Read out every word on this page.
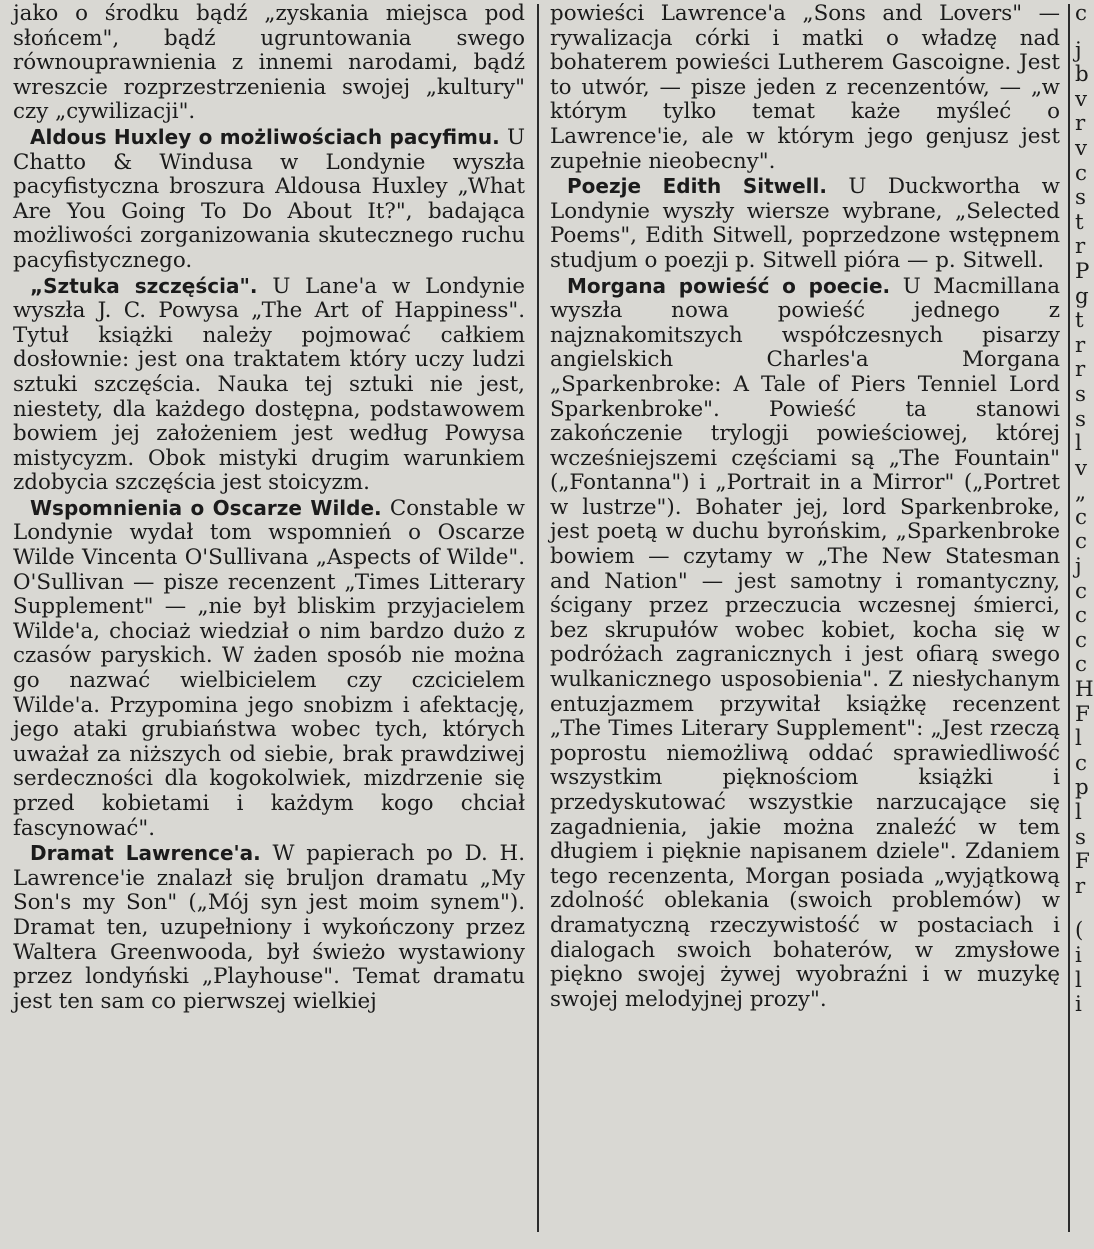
jako o środku bądź „zyskania miejsca pod słońcem", bądź ugruntowania swego równouprawnienia z innemi narodami, bądź wreszcie rozprzestrzenienia swojej „kultury" czy „cywilizacji".

Aldous Huxley o możliwościach pacyfimu. U Chatto & Windusa w Londynie wyszła pacyfistyczna broszura Aldousa Huxley „What Are You Going To Do About It?", badająca możliwości zorganizowania skutecznego ruchu pacyfistycznego.

„Sztuka szczęścia". U Lane'a w Londynie wyszła J. C. Powysa „The Art of Happiness". Tytuł książki należy pojmować całkiem dosłownie: jest ona traktatem który uczy ludzi sztuki szczęścia. Nauka tej sztuki nie jest, niestety, dla każdego dostępna, podstawowem bowiem jej założeniem jest według Powysa mistycyzm. Obok mistyki drugim warunkiem zdobycia szczęścia jest stoicyzm.

Wspomnienia o Oscarze Wilde. Constable w Londynie wydał tom wspomnień o Oscarze Wilde Vincenta O'Sullivana „Aspects of Wilde". O'Sullivan — pisze recenzent „Times Litterary Supplement" — „nie był bliskim przyjacielem Wilde'a, chociaż wiedział o nim bardzo dużo z czasów paryskich. W żaden sposób nie można go nazwać wielbicielem czy czcicielem Wilde'a. Przypomina jego snobizm i afektację, jego ataki grubiaństwa wobec tych, których uważał za niższych od siebie, brak prawdziwej serdeczności dla kogokolwiek, mizdrzenie się przed kobietami i każdym kogo chciał fascynować".

Dramat Lawrence'a. W papierach po D. H. Lawrence'ie znalazł się bruljon dramatu „My Son's my Son" („Mój syn jest moim synem"). Dramat ten, uzupełniony i wykończony przez Waltera Greenwooda, był świeżo wystawiony przez londyński „Playhouse". Temat dramatu jest ten sam co pierwszej wielkiej

powieści Lawrence'a „Sons and Lovers" — rywalizacja córki i matki o władzę nad bohaterem powieści Lutherem Gascoigne. Jest to utwór, — pisze jeden z recenzentów, — „w którym tylko temat każe myśleć o Lawrence'ie, ale w którym jego genjusz jest zupełnie nieobecny".

Poezje Edith Sitwell. U Duckwortha w Londynie wyszły wiersze wybrane, „Selected Poems", Edith Sitwell, poprzedzone wstępnem studjum o poezji p. Sitwell pióra — p. Sitwell.

Morgana powieść o poecie. U Macmillana wyszła nowa powieść jednego z najznakomitszych współczesnych pisarzy angielskich Charles'a Morgana „Sparkenbroke: A Tale of Piers Tenniel Lord Sparkenbroke". Powieść ta stanowi zakończenie trylogji powieściowej, której wcześniejszemi częściami są „The Fountain" („Fontanna") i „Portrait in a Mirror" („Portret w lustrze"). Bohater jej, lord Sparkenbroke, jest poetą w duchu byrońskim, „Sparkenbroke bowiem — czytamy w „The New Statesman and Nation" — jest samotny i romantyczny, ścigany przez przeczucia wczesnej śmierci, bez skrupułów wobec kobiet, kocha się w podróżach zagranicznych i jest ofiarą swego wulkanicznego usposobienia". Z niesłychanym entuzjazmem przywitał książkę recenzent „The Times Literary Supplement": „Jest rzeczą poprostu niemożliwą oddać sprawiedliwość wszystkim pięknościom książki i przedyskutować wszystkie narzucające się zagadnienia, jakie można znaleźć w tem długiem i pięknie napisanem dziele". Zdaniem tego recenzenta, Morgan posiada „wyjątkową zdolność oblekania (swoich problemów) w dramatyczną rzeczywistość w postaciach i dialogach swoich bohaterów, w zmysłowe piękno swojej żywej wyobraźni i w muzykę swojej melodyjnej prozy".

c
j
b
v
r
v
c
s
t
r
P
g
t
r
r
s
s
l
v
„
c
c
j
c
c
c
c
H
F
l
c
p
l
s
F
r
(
i
l
i
